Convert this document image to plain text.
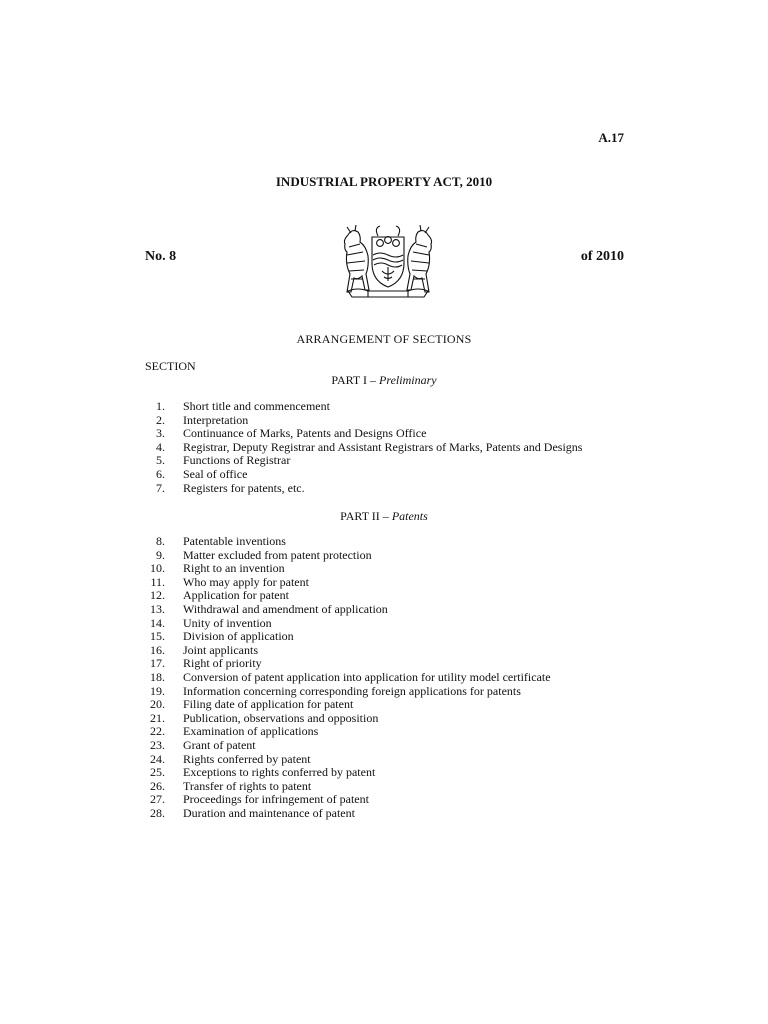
A.17
INDUSTRIAL PROPERTY ACT, 2010
No. 8	of 2010
ARRANGEMENT OF SECTIONS
SECTION
PART I – Preliminary
1.	Short title and commencement
2.	Interpretation
3.	Continuance of Marks, Patents and Designs Office
4.	Registrar, Deputy Registrar and Assistant Registrars of Marks, Patents and Designs
5.	Functions of Registrar
6.	Seal of office
7.	Registers for patents, etc.
PART II – Patents
8.	Patentable inventions
9.	Matter excluded from patent protection
10.	Right to an invention
11.	Who may apply for patent
12.	Application for patent
13.	Withdrawal and amendment of application
14.	Unity of invention
15.	Division of application
16.	Joint applicants
17.	Right of priority
18.	Conversion of patent application into application for utility model certificate
19.	Information concerning corresponding foreign applications for patents
20.	Filing date of application for patent
21.	Publication, observations and opposition
22.	Examination of applications
23.	Grant of patent
24.	Rights conferred by patent
25.	Exceptions to rights conferred by patent
26.	Transfer of rights to patent
27.	Proceedings for infringement of patent
28.	Duration and maintenance of patent
